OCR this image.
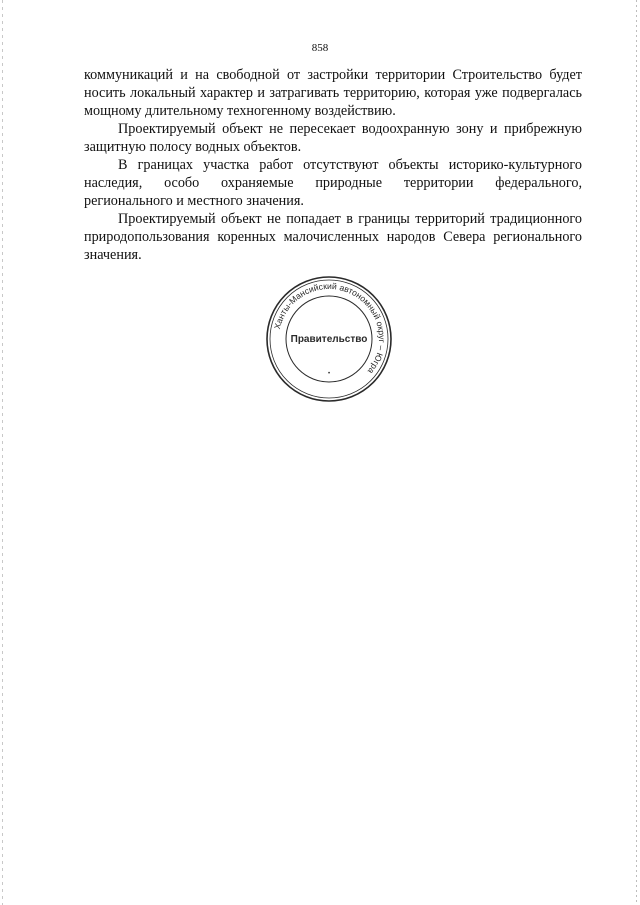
858

коммуникаций и на свободной от застройки территории Строительство будет носить локальный характер и затрагивать территорию, которая уже подвергалась мощному длительному техногенному воздействию.

Проектируемый объект не пересекает водоохранную зону и прибрежную защитную полосу водных объектов.

В границах участка работ отсутствуют объекты историко-культурного наследия, особо охраняемые природные территории федерального, регионального и местного значения.

Проектируемый объект не попадает в границы территорий традиционного природопользования коренных малочисленных народов Севера регионального значения.

Ханты-Мансийский автономный округ – Югра
Правительство
•
